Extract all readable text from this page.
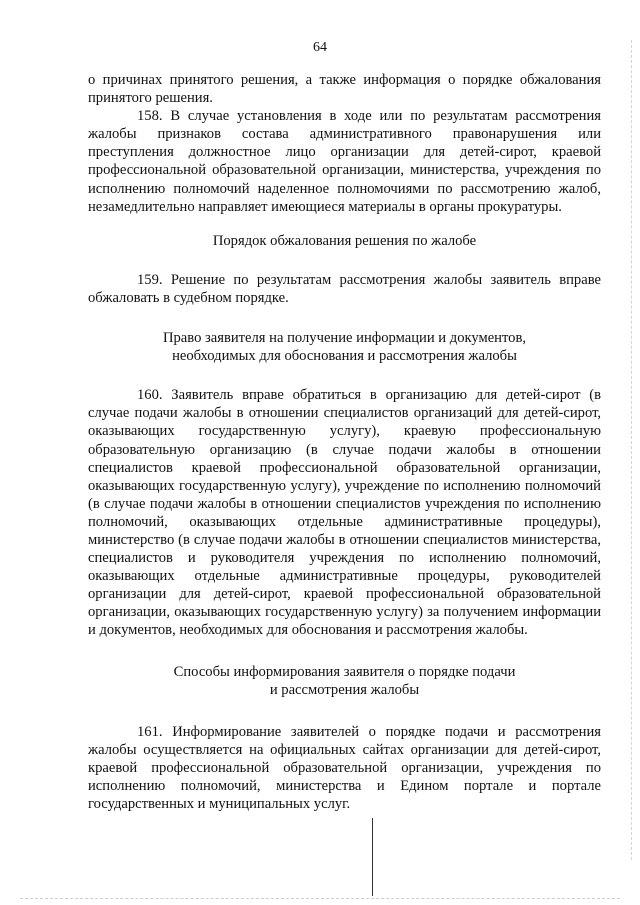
64

о причинах принятого решения, а также информация о порядке обжалования принятого решения.

158. В случае установления в ходе или по результатам рассмотрения жалобы признаков состава административного правонарушения или преступления должностное лицо организации для детей-сирот, краевой профессиональной образовательной организации, министерства, учреждения по исполнению полномочий наделенное полномочиями по рассмотрению жалоб, незамедлительно направляет имеющиеся материалы в органы прокуратуры.

Порядок обжалования решения по жалобе

159. Решение по результатам рассмотрения жалобы заявитель вправе обжаловать в судебном порядке.

Право заявителя на получение информации и документов,
необходимых для обоснования и рассмотрения жалобы

160. Заявитель вправе обратиться в организацию для детей-сирот (в случае подачи жалобы в отношении специалистов организаций для детей-сирот, оказывающих государственную услугу), краевую профессиональную образовательную организацию (в случае подачи жалобы в отношении специалистов краевой профессиональной образовательной организации, оказывающих государственную услугу), учреждение по исполнению полномочий (в случае подачи жалобы в отношении специалистов учреждения по исполнению полномочий, оказывающих отдельные административные процедуры), министерство (в случае подачи жалобы в отношении специалистов министерства, специалистов и руководителя учреждения по исполнению полномочий, оказывающих отдельные административные процедуры, руководителей организации для детей-сирот, краевой профессиональной образовательной организации, оказывающих государственную услугу) за получением информации и документов, необходимых для обоснования и рассмотрения жалобы.

Способы информирования заявителя о порядке подачи
и рассмотрения жалобы

161. Информирование заявителей о порядке подачи и рассмотрения жалобы осуществляется на официальных сайтах организации для детей-сирот, краевой профессиональной образовательной организации, учреждения по исполнению полномочий, министерства и Едином портале и портале государственных и муниципальных услуг.
